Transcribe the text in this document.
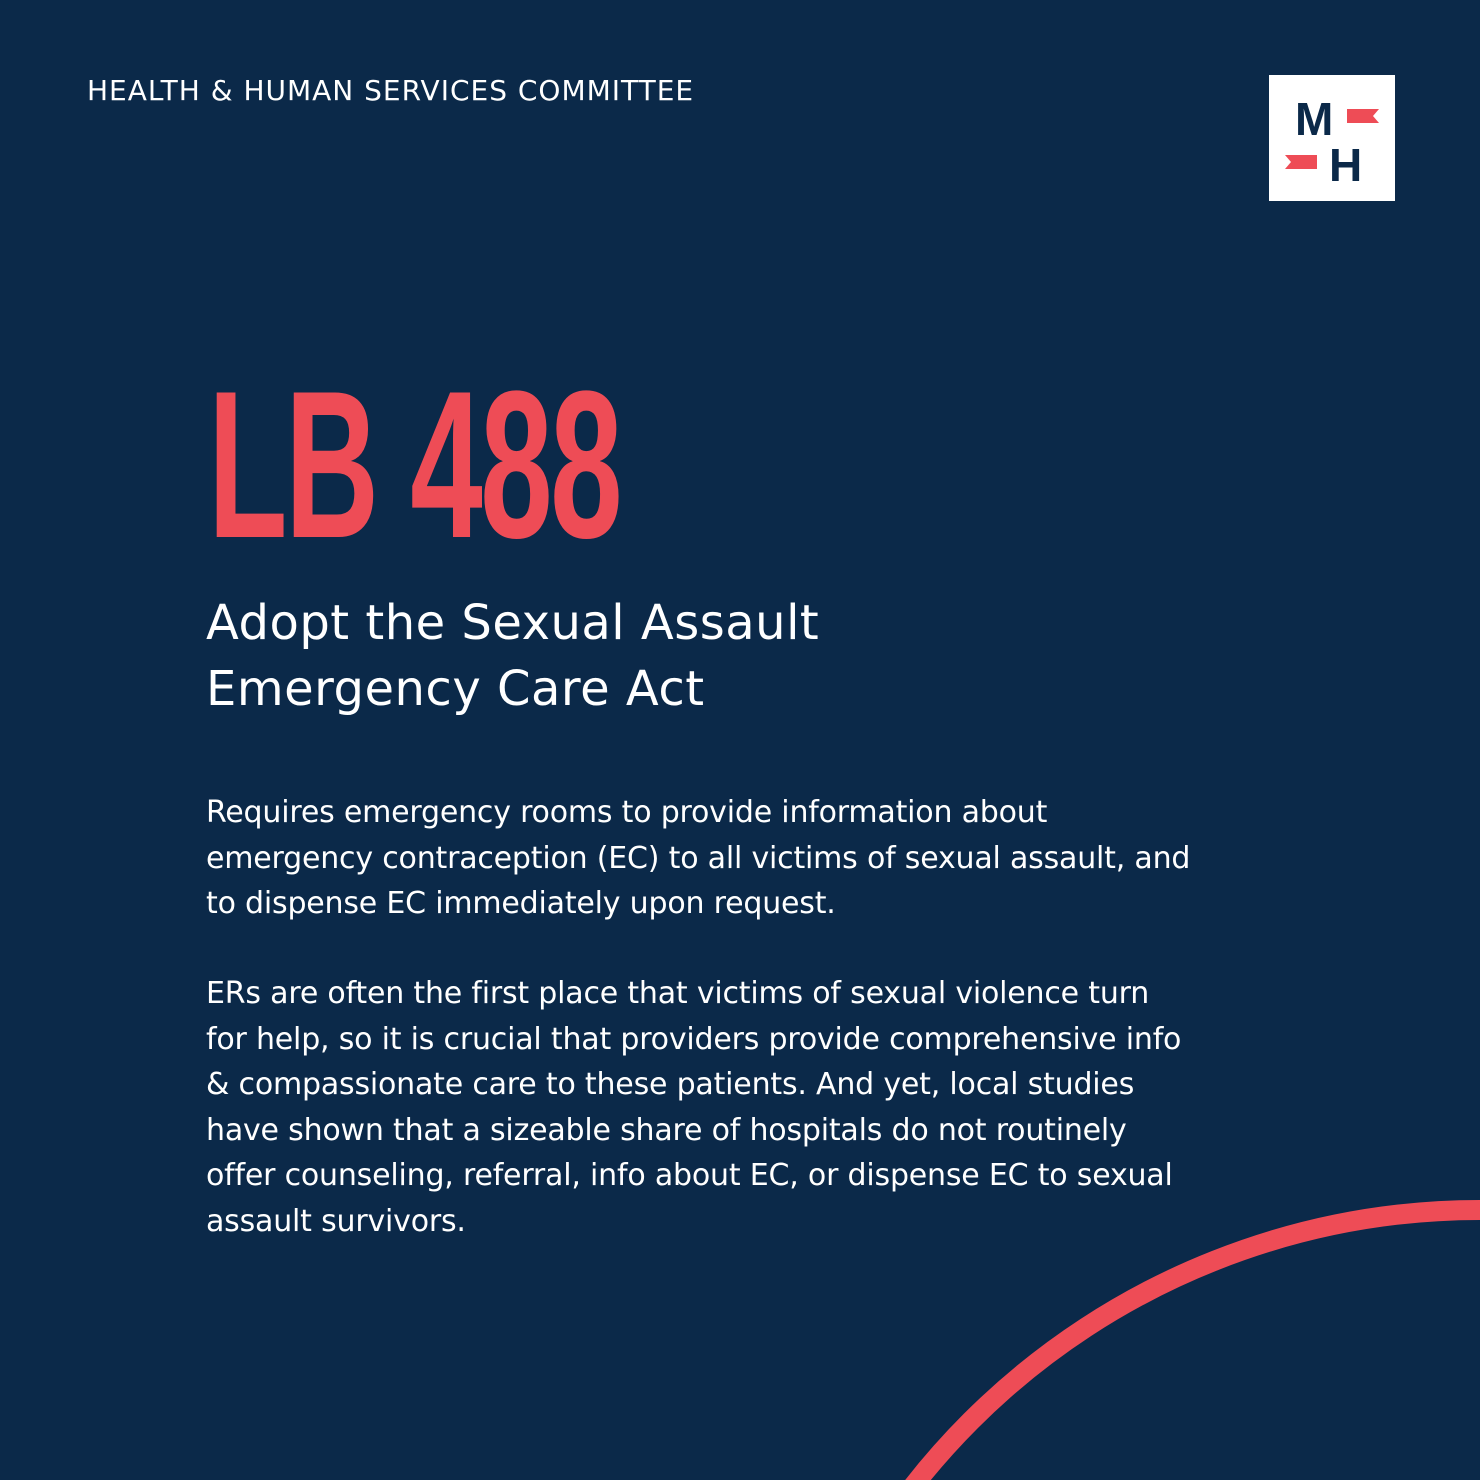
HEALTH & HUMAN SERVICES COMMITTEE
M
H
LB 488
Adopt the Sexual Assault Emergency Care Act
Requires emergency rooms to provide information about emergency contraception (EC) to all victims of sexual assault, and to dispense EC immediately upon request.
ERs are often the first place that victims of sexual violence turn for help, so it is crucial that providers provide comprehensive info & compassionate care to these patients. And yet, local studies have shown that a sizeable share of hospitals do not routinely offer counseling, referral, info about EC, or dispense EC to sexual assault survivors.
